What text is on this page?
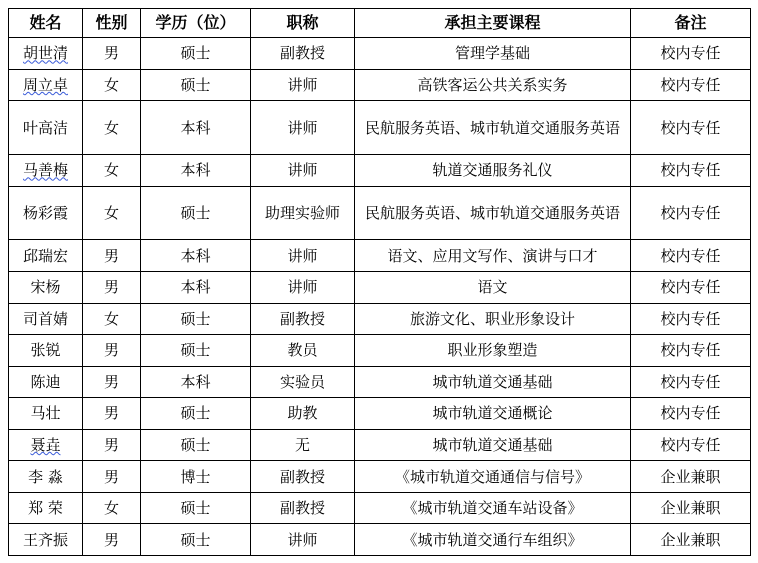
姓名	性别	学历（位）	职称	承担主要课程	备注
胡世清	男	硕士	副教授	管理学基础	校内专任
周立卓	女	硕士	讲师	高铁客运公共关系实务	校内专任
叶高洁	女	本科	讲师	民航服务英语、城市轨道交通服务英语	校内专任
马善梅	女	本科	讲师	轨道交通服务礼仪	校内专任
杨彩霞	女	硕士	助理实验师	民航服务英语、城市轨道交通服务英语	校内专任
邱瑞宏	男	本科	讲师	语文、应用文写作、演讲与口才	校内专任
宋杨	男	本科	讲师	语文	校内专任
司首婧	女	硕士	副教授	旅游文化、职业形象设计	校内专任
张锐	男	硕士	教员	职业形象塑造	校内专任
陈迪	男	本科	实验员	城市轨道交通基础	校内专任
马壮	男	硕士	助教	城市轨道交通概论	校内专任
聂垚	男	硕士	无	城市轨道交通基础	校内专任
李 淼	男	博士	副教授	《城市轨道交通通信与信号》	企业兼职
郑 荣	女	硕士	副教授	《城市轨道交通车站设备》	企业兼职
王齐振	男	硕士	讲师	《城市轨道交通行车组织》	企业兼职
